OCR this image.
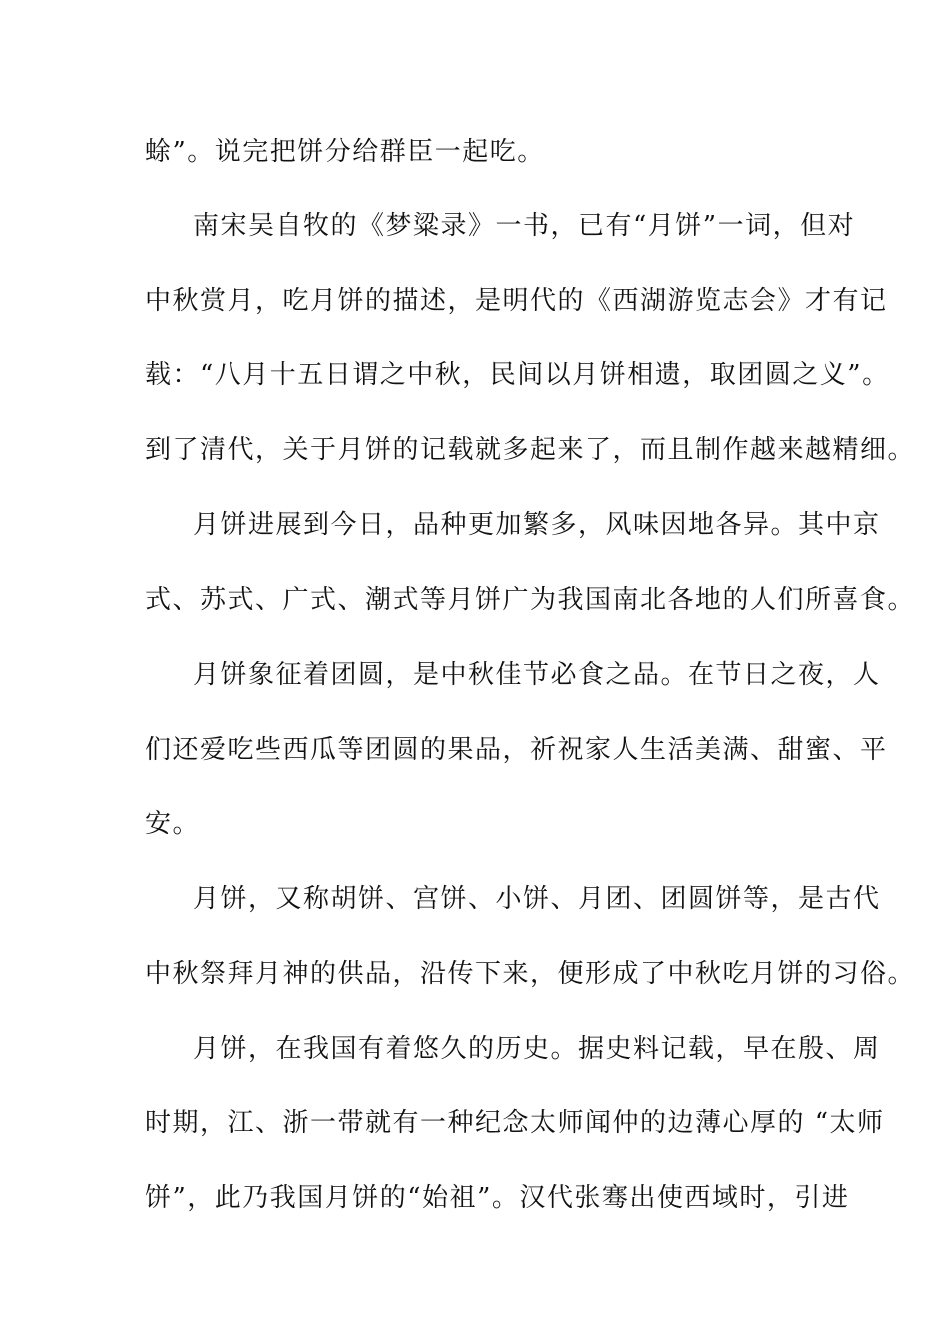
蜍”。说完把饼分给群臣一起吃。
南宋吴自牧的《梦粱录》一书，已有“月饼”一词，但对
中秋赏月，吃月饼的描述，是明代的《西湖游览志会》才有记
载：“八月十五日谓之中秋，民间以月饼相遗，取团圆之义”。
到了清代，关于月饼的记载就多起来了，而且制作越来越精细。
月饼进展到今日，品种更加繁多，风味因地各异。其中京
式、苏式、广式、潮式等月饼广为我国南北各地的人们所喜食。
月饼象征着团圆，是中秋佳节必食之品。在节日之夜，人
们还爱吃些西瓜等团圆的果品，祈祝家人生活美满、甜蜜、平
安。
月饼，又称胡饼、宫饼、小饼、月团、团圆饼等，是古代
中秋祭拜月神的供品，沿传下来，便形成了中秋吃月饼的习俗。
月饼，在我国有着悠久的历史。据史料记载，早在殷、周
时期，江、浙一带就有一种纪念太师闻仲的边薄心厚的 “太师
饼”，此乃我国月饼的“始祖”。汉代张骞出使西域时，引进
